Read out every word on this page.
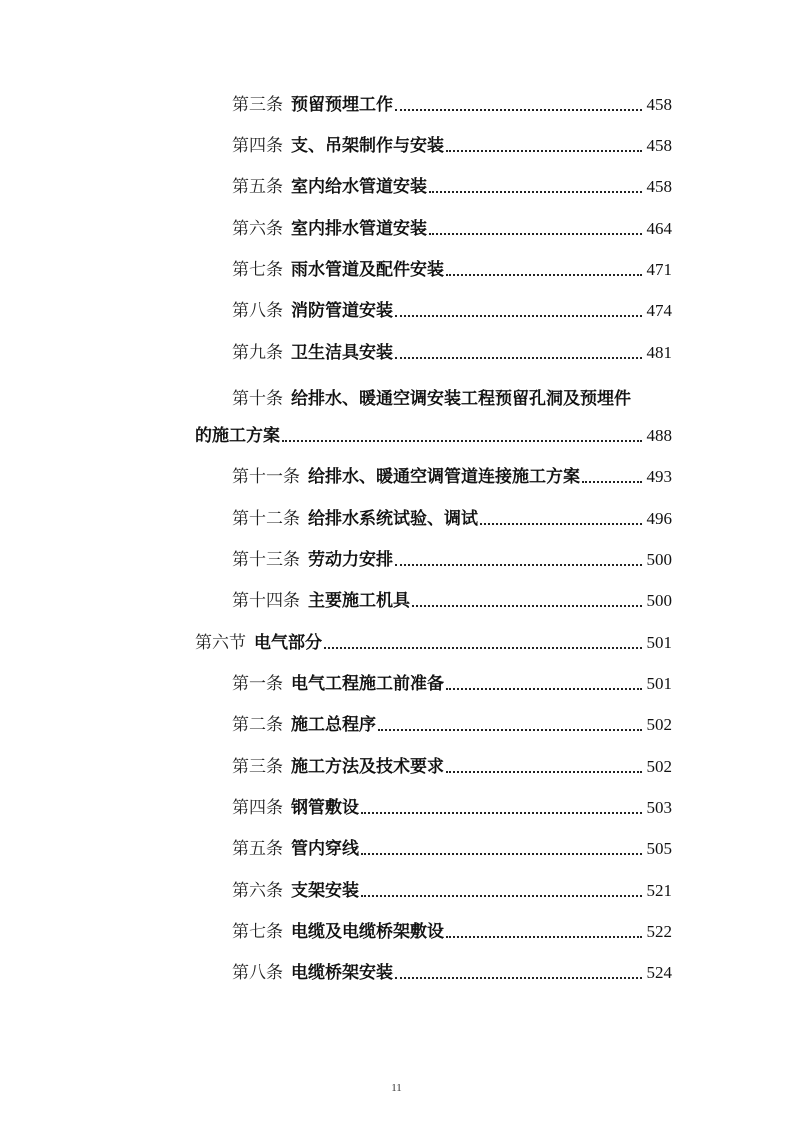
第三条 预留预埋工作	458
第四条 支、吊架制作与安装	458
第五条 室内给水管道安装	458
第六条 室内排水管道安装	464
第七条 雨水管道及配件安装	471
第八条 消防管道安装	474
第九条 卫生洁具安装	481
第十条 给排水、暖通空调安装工程预留孔洞及预埋件
的施工方案	488
第十一条 给排水、暖通空调管道连接施工方案	493
第十二条 给排水系统试验、调试	496
第十三条 劳动力安排	500
第十四条 主要施工机具	500
第六节 电气部分	501
第一条 电气工程施工前准备	501
第二条 施工总程序	502
第三条 施工方法及技术要求	502
第四条 钢管敷设	503
第五条 管内穿线	505
第六条 支架安装	521
第七条 电缆及电缆桥架敷设	522
第八条 电缆桥架安装	524
11
